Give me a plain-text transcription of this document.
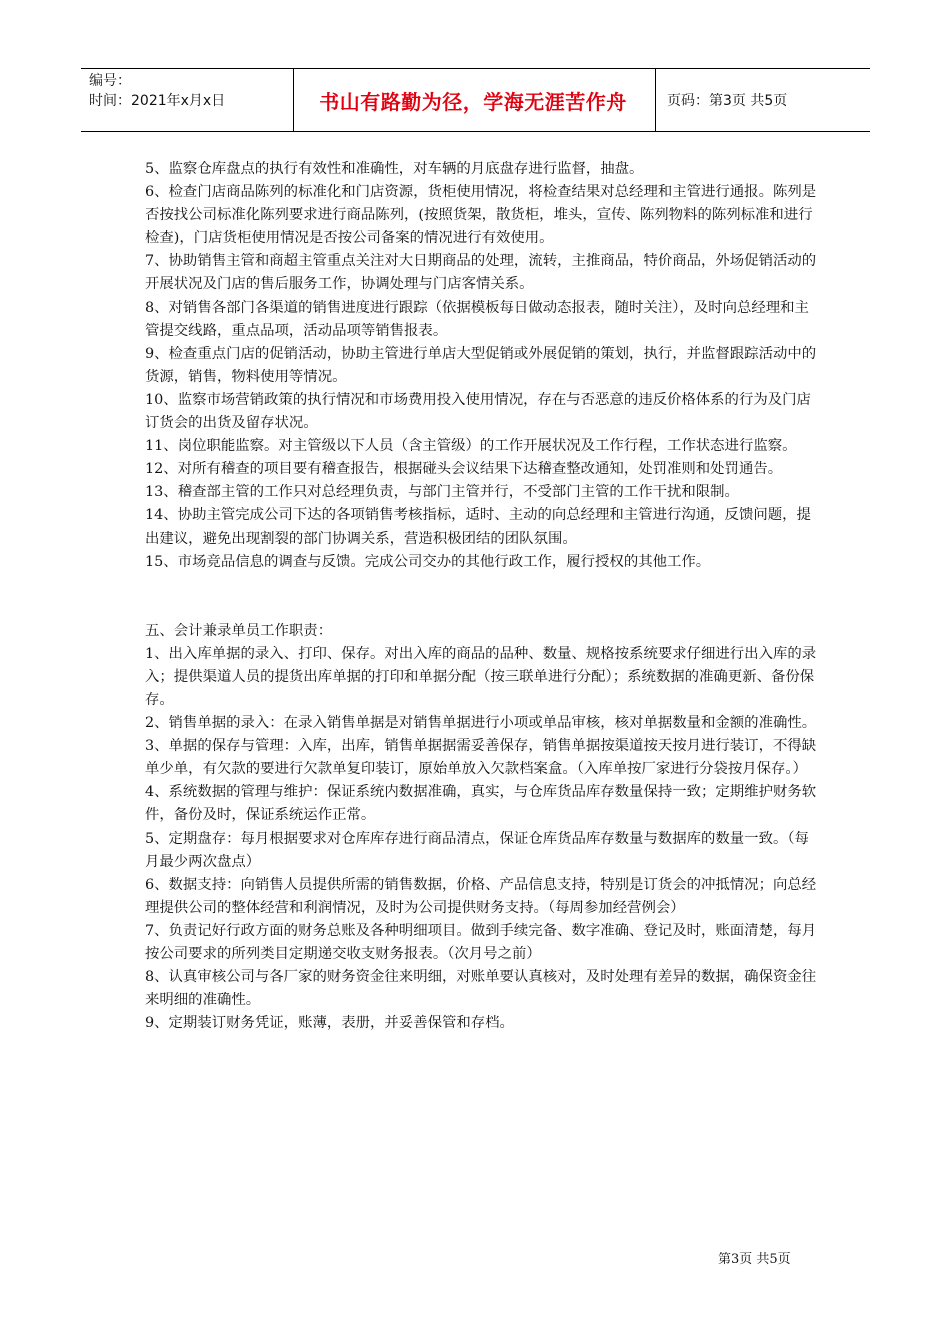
编号：
时间：2021年x月x日	书山有路勤为径，学海无涯苦作舟	页码：第3页 共5页

5、监察仓库盘点的执行有效性和准确性，对车辆的月底盘存进行监督，抽盘。

6、检查门店商品陈列的标准化和门店资源，货柜使用情况，将检查结果对总经理和主管进行通报。陈列是否按找公司标准化陈列要求进行商品陈列，(按照货架，散货柜，堆头，宣传、陈列物料的陈列标准和进行检查)，门店货柜使用情况是否按公司备案的情况进行有效使用。

7、协助销售主管和商超主管重点关注对大日期商品的处理，流转，主推商品，特价商品，外场促销活动的开展状况及门店的售后服务工作，协调处理与门店客情关系。

8、对销售各部门各渠道的销售进度进行跟踪（依据模板每日做动态报表，随时关注），及时向总经理和主管提交线路，重点品项，活动品项等销售报表。

9、检查重点门店的促销活动，协助主管进行单店大型促销或外展促销的策划，执行，并监督跟踪活动中的货源，销售，物料使用等情况。

10、监察市场营销政策的执行情况和市场费用投入使用情况，存在与否恶意的违反价格体系的行为及门店订货会的出货及留存状况。

11、岗位职能监察。对主管级以下人员（含主管级）的工作开展状况及工作行程，工作状态进行监察。

12、对所有稽查的项目要有稽查报告，根据碰头会议结果下达稽查整改通知，处罚准则和处罚通告。

13、稽查部主管的工作只对总经理负责，与部门主管并行，不受部门主管的工作干扰和限制。

14、协助主管完成公司下达的各项销售考核指标，适时、主动的向总经理和主管进行沟通，反馈问题，提出建议，避免出现割裂的部门协调关系，营造积极团结的团队氛围。

15、市场竞品信息的调查与反馈。完成公司交办的其他行政工作，履行授权的其他工作。

五、会计兼录单员工作职责：

1、出入库单据的录入、打印、保存。对出入库的商品的品种、数量、规格按系统要求仔细进行出入库的录入；提供渠道人员的提货出库单据的打印和单据分配（按三联单进行分配）；系统数据的准确更新、备份保存。

2、销售单据的录入：在录入销售单据是对销售单据进行小项或单品审核，核对单据数量和金额的准确性。

3、单据的保存与管理：入库，出库，销售单据据需妥善保存，销售单据按渠道按天按月进行装订，不得缺单少单，有欠款的要进行欠款单复印装订，原始单放入欠款档案盒。（入库单按厂家进行分袋按月保存。）

4、系统数据的管理与维护：保证系统内数据准确，真实，与仓库货品库存数量保持一致；定期维护财务软件，备份及时，保证系统运作正常。

5、定期盘存：每月根据要求对仓库库存进行商品清点，保证仓库货品库存数量与数据库的数量一致。（每月最少两次盘点）

6、数据支持：向销售人员提供所需的销售数据，价格、产品信息支持，特别是订货会的冲抵情况；向总经理提供公司的整体经营和利润情况，及时为公司提供财务支持。（每周参加经营例会）

7、负责记好行政方面的财务总账及各种明细项目。做到手续完备、数字准确、登记及时，账面清楚，每月按公司要求的所列类目定期递交收支财务报表。（次月号之前）

8、认真审核公司与各厂家的财务资金往来明细，对账单要认真核对，及时处理有差异的数据，确保资金往来明细的准确性。

9、定期装订财务凭证，账薄，表册，并妥善保管和存档。

第3页 共5页
